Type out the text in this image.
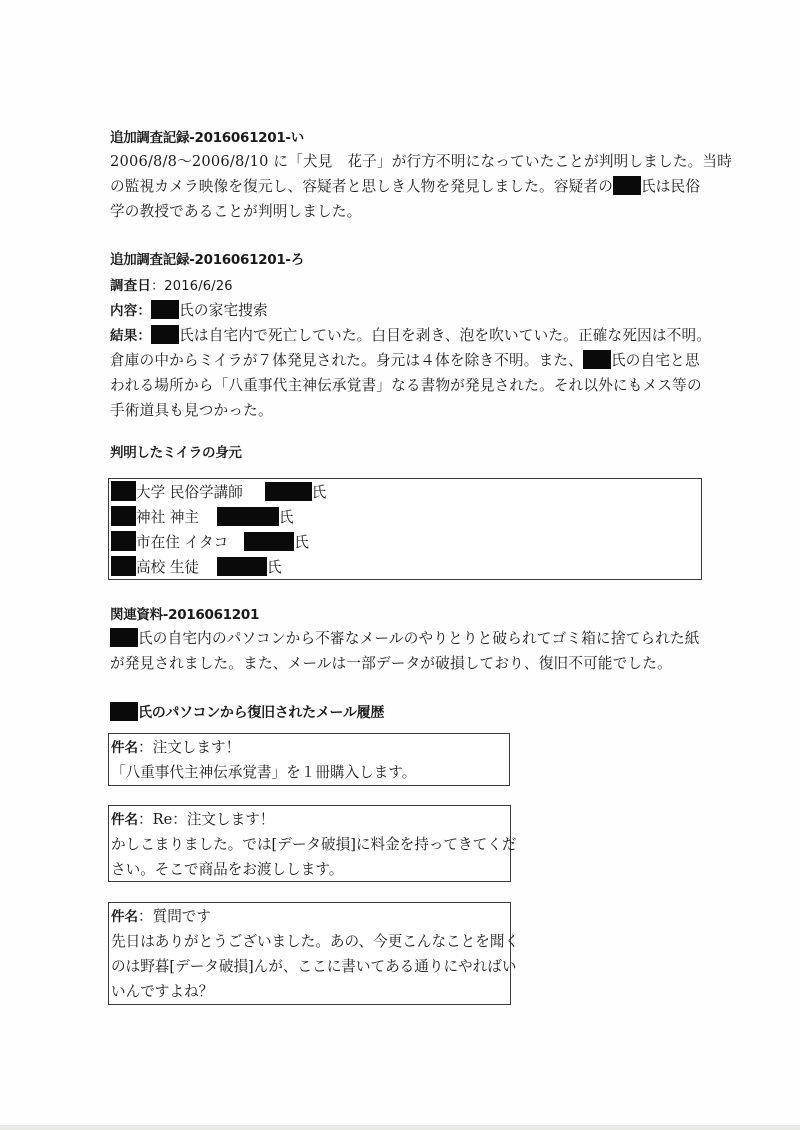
追加調査記録-2016061201-い
2006/8/8～2006/8/10 に「犬見　花子」が行方不明になっていたことが判明しました。当時
の監視カメラ映像を復元し、容疑者と思しき人物を発見しました。容疑者の 氏は民俗
学の教授であることが判明しました。
追加調査記録-2016061201-ろ
調査日：2016/6/26
内容： 氏の家宅捜索
結果： 氏は自宅内で死亡していた。白目を剥き、泡を吹いていた。正確な死因は不明。
倉庫の中からミイラが７体発見された。身元は４体を除き不明。また、 氏の自宅と思
われる場所から「八重事代主神伝承覚書」なる書物が発見された。それ以外にもメス等の
手術道具も見つかった。
判明したミイラの身元
大学 民俗学講師	氏
神社 神主	氏
市在住 イタコ	氏
高校 生徒	氏
関連資料-2016061201
氏の自宅内のパソコンから不審なメールのやりとりと破られてゴミ箱に捨てられた紙
が発見されました。また、メールは一部データが破損しており、復旧不可能でした。
氏のパソコンから復旧されたメール履歴
件名：注文します！
「八重事代主神伝承覚書」を１冊購入します。
件名：Re：注文します！
かしこまりました。では[データ破損]に料金を持ってきてくだ
さい。そこで商品をお渡しします。
件名：質問です
先日はありがとうございました。あの、今更こんなことを聞く
のは野暮[データ破損]んが、ここに書いてある通りにやればい
いんですよね？
